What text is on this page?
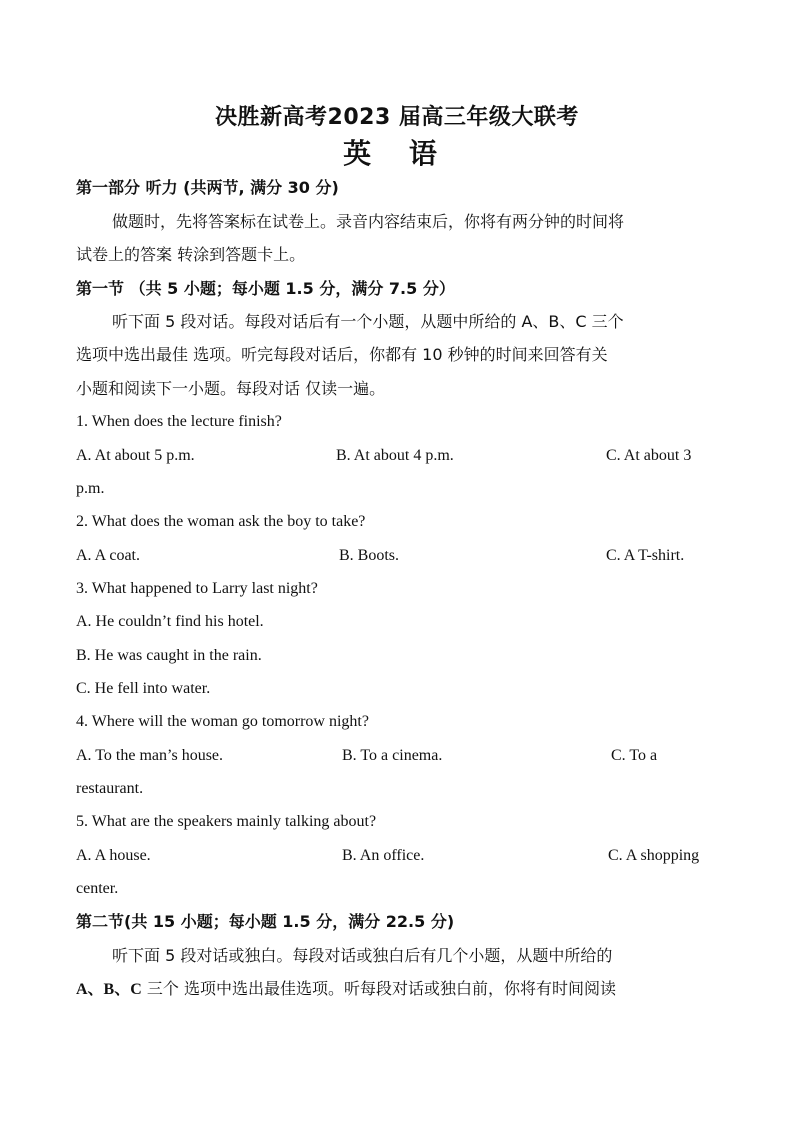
决胜新高考2023 届高三年级大联考
英 语
第一部分 听力 (共两节, 满分 30 分)
做题时，先将答案标在试卷上。录音内容结束后，你将有两分钟的时间将
试卷上的答案 转涂到答题卡上。
第一节 （共 5 小题；每小题 1.5 分，满分 7.5 分）
听下面 5 段对话。每段对话后有一个小题，从题中所给的 A、B、C 三个
选项中选出最佳 选项。听完每段对话后，你都有 10 秒钟的时间来回答有关
小题和阅读下一小题。每段对话 仅读一遍。
1. When does the lecture finish?
A. At about 5 p.m.	B. At about 4 p.m.	C. At about 3
p.m.
2. What does the woman ask the boy to take?
A. A coat.	B. Boots.	C. A T-shirt.
3. What happened to Larry last night?
A. He couldn’t find his hotel.
B. He was caught in the rain.
C. He fell into water.
4. Where will the woman go tomorrow night?
A. To the man’s house.	B. To a cinema.	C. To a
restaurant.
5. What are the speakers mainly talking about?
A. A house.	B. An office.	C. A shopping
center.
第二节(共 15 小题；每小题 1.5 分，满分 22.5 分)
听下面 5 段对话或独白。每段对话或独白后有几个小题，从题中所给的
A、B、C 三个 选项中选出最佳选项。听每段对话或独白前，你将有时间阅读
